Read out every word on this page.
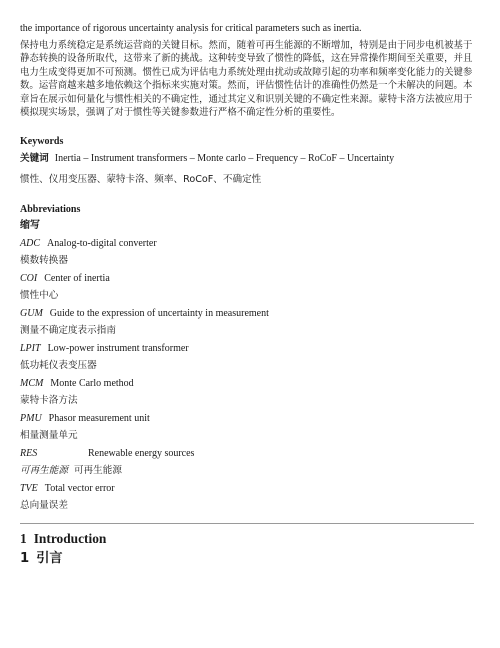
the importance of rigorous uncertainty analysis for critical parameters such as inertia.

保持电力系统稳定是系统运营商的关键目标。然而，随着可再生能源的不断增加，特别是由于同步电机被基于静态转换的设备所取代，这带来了新的挑战。这种转变导致了惯性的降低，这在异常操作期间至关重要，并且电力生成变得更加不可预测。惯性已成为评估电力系统处理由扰动或故障引起的功率和频率变化能力的关键参数。运营商越来越多地依赖这个指标来实施对策。然而，评估惯性估计的准确性仍然是一个未解决的问题。本章旨在展示如何量化与惯性相关的不确定性，通过其定义和识别关键的不确定性来源。蒙特卡洛方法被应用于模拟现实场景，强调了对于惯性等关键参数进行严格不确定性分析的重要性。

Keywords
关键词 Inertia – Instrument transformers – Monte carlo – Frequency – RoCoF – Uncertainty
惯性、仪用变压器、蒙特卡洛、频率、RoCoF、不确定性
Abbreviations
缩写
ADC Analog-to-digital converter
模数转换器
COI Center of inertia
惯性中心
GUM Guide to the expression of uncertainty in measurement
测量不确定度表示指南
LPIT Low-power instrument transformer
低功耗仪表变压器
MCM Monte Carlo method
蒙特卡洛方法
PMU Phasor measurement unit
相量测量单元
RES	Renewable energy sources
可再生能源 可再生能源
TVE Total vector error
总向量误差
1 Introduction
1 引言
